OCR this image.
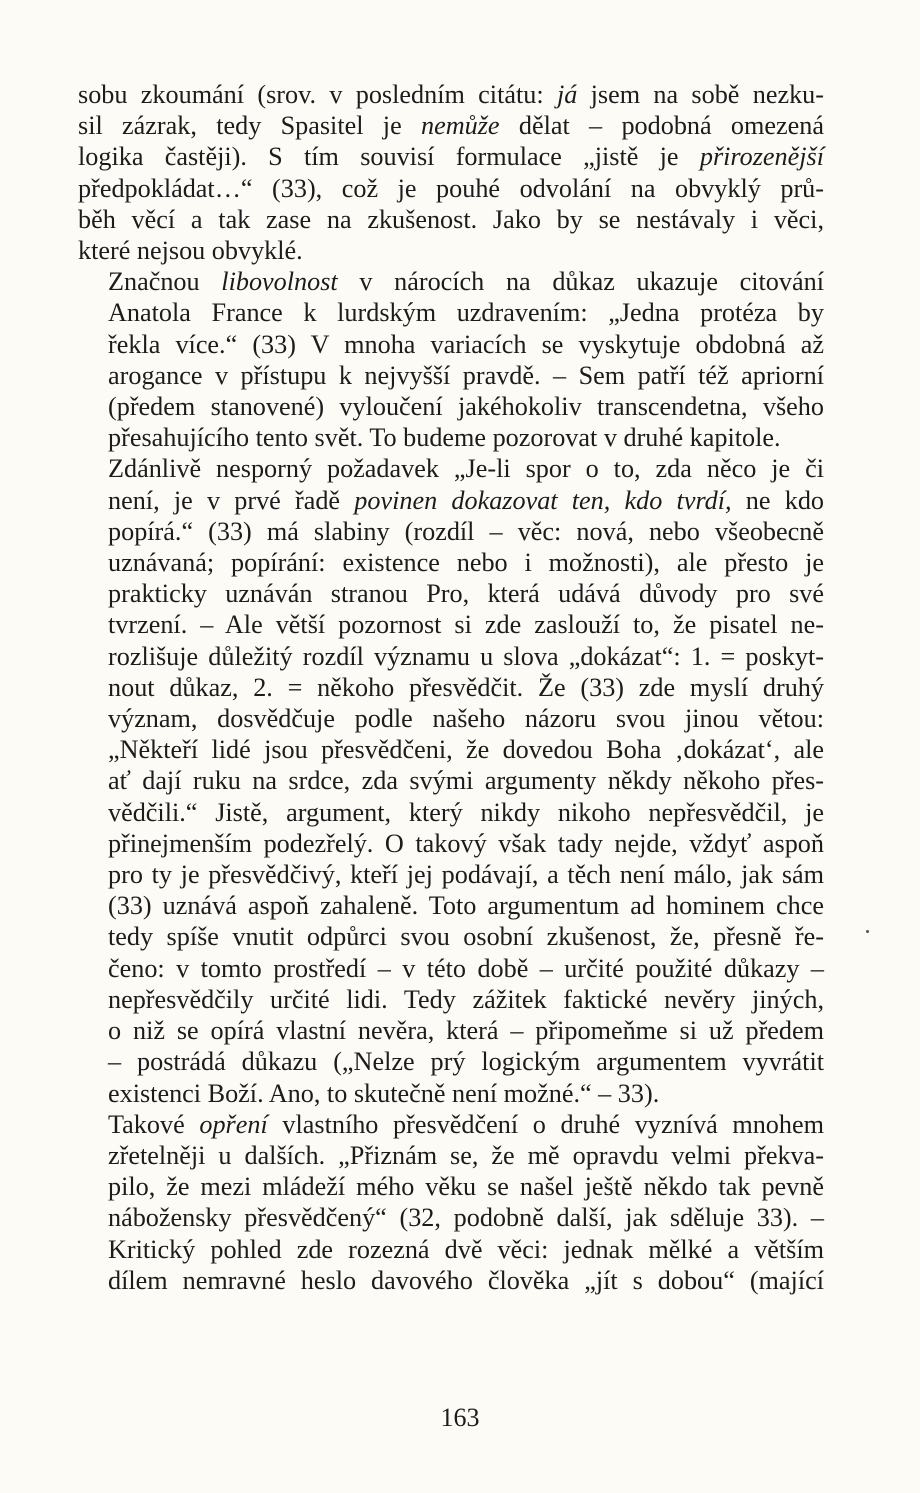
sobu zkoumání (srov. v posledním citátu: já jsem na sobě nezku-
sil zázrak, tedy Spasitel je nemůže dělat – podobná omezená
logika častěji). S tím souvisí formulace „jistě je přirozenější
předpokládat…“ (33), což je pouhé odvolání na obvyklý prů-
běh věcí a tak zase na zkušenost. Jako by se nestávaly i věci,
které nejsou obvyklé.
Značnou libovolnost v nárocích na důkaz ukazuje citování
Anatola France k lurdským uzdravením: „Jedna protéza by
řekla více.“ (33) V mnoha variacích se vyskytuje obdobná až
arogance v přístupu k nejvyšší pravdě. – Sem patří též apriorní
(předem stanovené) vyloučení jakéhokoliv transcendetna, všeho
přesahujícího tento svět. To budeme pozorovat v druhé kapitole.
Zdánlivě nesporný požadavek „Je-li spor o to, zda něco je či
není, je v prvé řadě povinen dokazovat ten, kdo tvrdí, ne kdo
popírá.“ (33) má slabiny (rozdíl – věc: nová, nebo všeobecně
uznávaná; popírání: existence nebo i možnosti), ale přesto je
prakticky uznáván stranou Pro, která udává důvody pro své
tvrzení. – Ale větší pozornost si zde zaslouží to, že pisatel ne-
rozlišuje důležitý rozdíl významu u slova „dokázat“: 1. = poskyt-
nout důkaz, 2. = někoho přesvědčit. Že (33) zde myslí druhý
význam, dosvědčuje podle našeho názoru svou jinou větou:
„Někteří lidé jsou přesvědčeni, že dovedou Boha ‚dokázat‘, ale
ať dají ruku na srdce, zda svými argumenty někdy někoho přes-
vědčili.“ Jistě, argument, který nikdy nikoho nepřesvědčil, je
přinejmenším podezřelý. O takový však tady nejde, vždyť aspoň
pro ty je přesvědčivý, kteří jej podávají, a těch není málo, jak sám
(33) uznává aspoň zahaleně. Toto argumentum ad hominem chce
tedy spíše vnutit odpůrci svou osobní zkušenost, že, přesně ře-
čeno: v tomto prostředí – v této době – určité použité důkazy –
nepřesvědčily určité lidi. Tedy zážitek faktické nevěry jiných,
o niž se opírá vlastní nevěra, která – připomeňme si už předem
– postrádá důkazu („Nelze prý logickým argumentem vyvrátit
existenci Boží. Ano, to skutečně není možné.“ – 33).
Takové opření vlastního přesvědčení o druhé vyznívá mnohem
zřetelněji u dalších. „Přiznám se, že mě opravdu velmi překva-
pilo, že mezi mládeží mého věku se našel ještě někdo tak pevně
nábožensky přesvědčený“ (32, podobně další, jak sděluje 33). –
Kritický pohled zde rozezná dvě věci: jednak mělké a větším
dílem nemravné heslo davového člověka „jít s dobou“ (mající
163
